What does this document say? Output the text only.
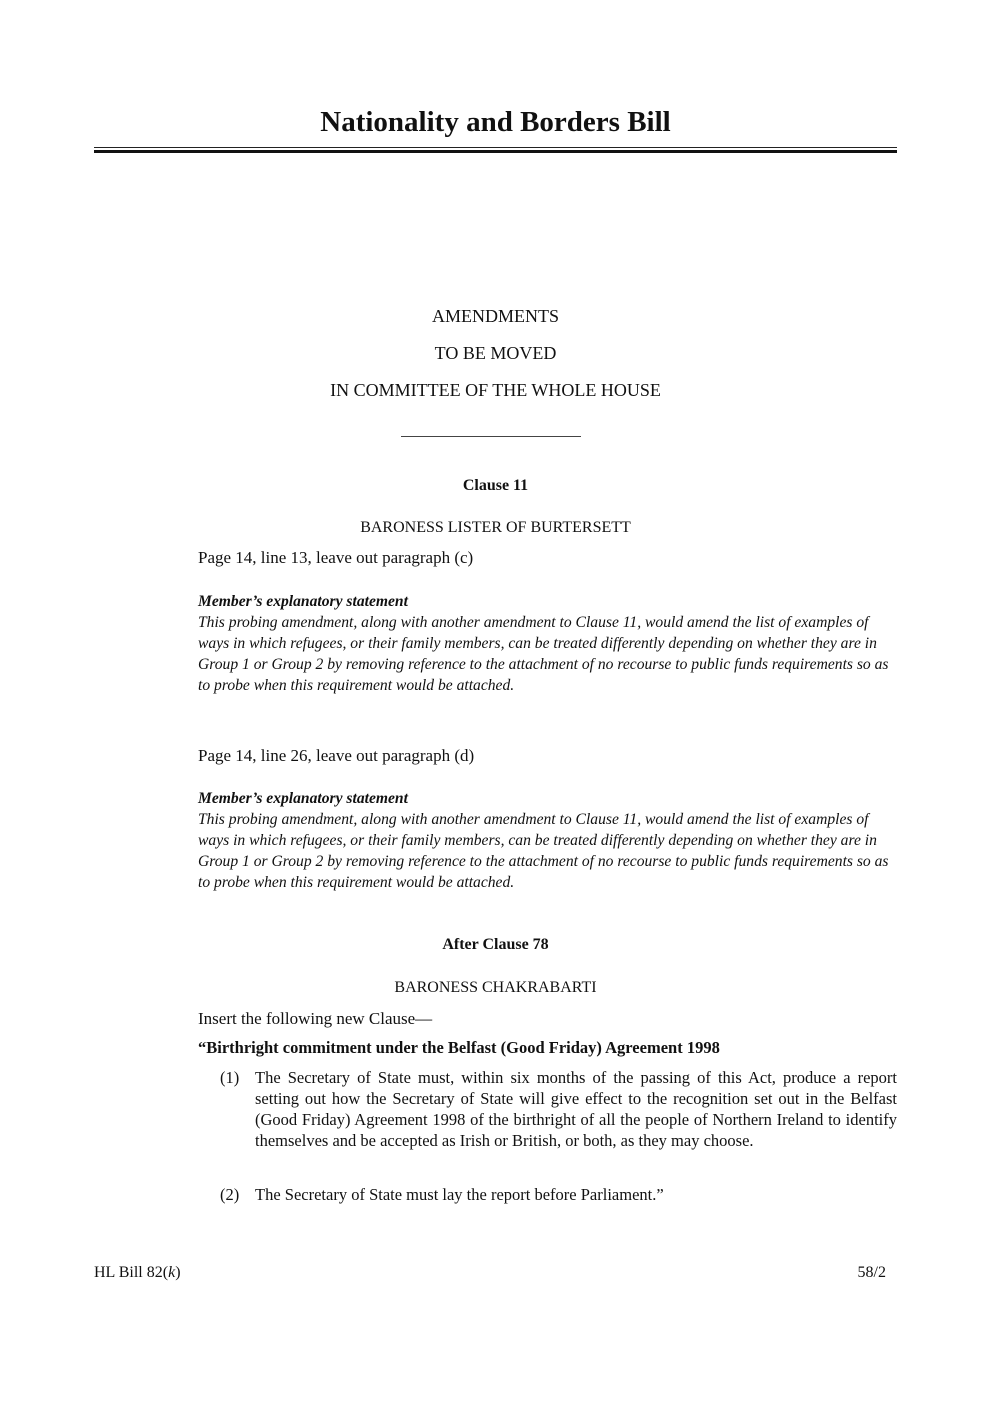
Nationality and Borders Bill
AMENDMENTS
TO BE MOVED
IN COMMITTEE OF THE WHOLE HOUSE
Clause 11
BARONESS LISTER OF BURTERSETT
Page 14, line 13, leave out paragraph (c)
Member’s explanatory statement
This probing amendment, along with another amendment to Clause 11, would amend the list of examples of ways in which refugees, or their family members, can be treated differently depending on whether they are in Group 1 or Group 2 by removing reference to the attachment of no recourse to public funds requirements so as to probe when this requirement would be attached.
Page 14, line 26, leave out paragraph (d)
Member’s explanatory statement
This probing amendment, along with another amendment to Clause 11, would amend the list of examples of ways in which refugees, or their family members, can be treated differently depending on whether they are in Group 1 or Group 2 by removing reference to the attachment of no recourse to public funds requirements so as to probe when this requirement would be attached.
After Clause 78
BARONESS CHAKRABARTI
Insert the following new Clause—
“Birthright commitment under the Belfast (Good Friday) Agreement 1998
(1) The Secretary of State must, within six months of the passing of this Act, produce a report setting out how the Secretary of State will give effect to the recognition set out in the Belfast (Good Friday) Agreement 1998 of the birthright of all the people of Northern Ireland to identify themselves and be accepted as Irish or British, or both, as they may choose.
(2) The Secretary of State must lay the report before Parliament.”
HL Bill 82(k)	58/2
